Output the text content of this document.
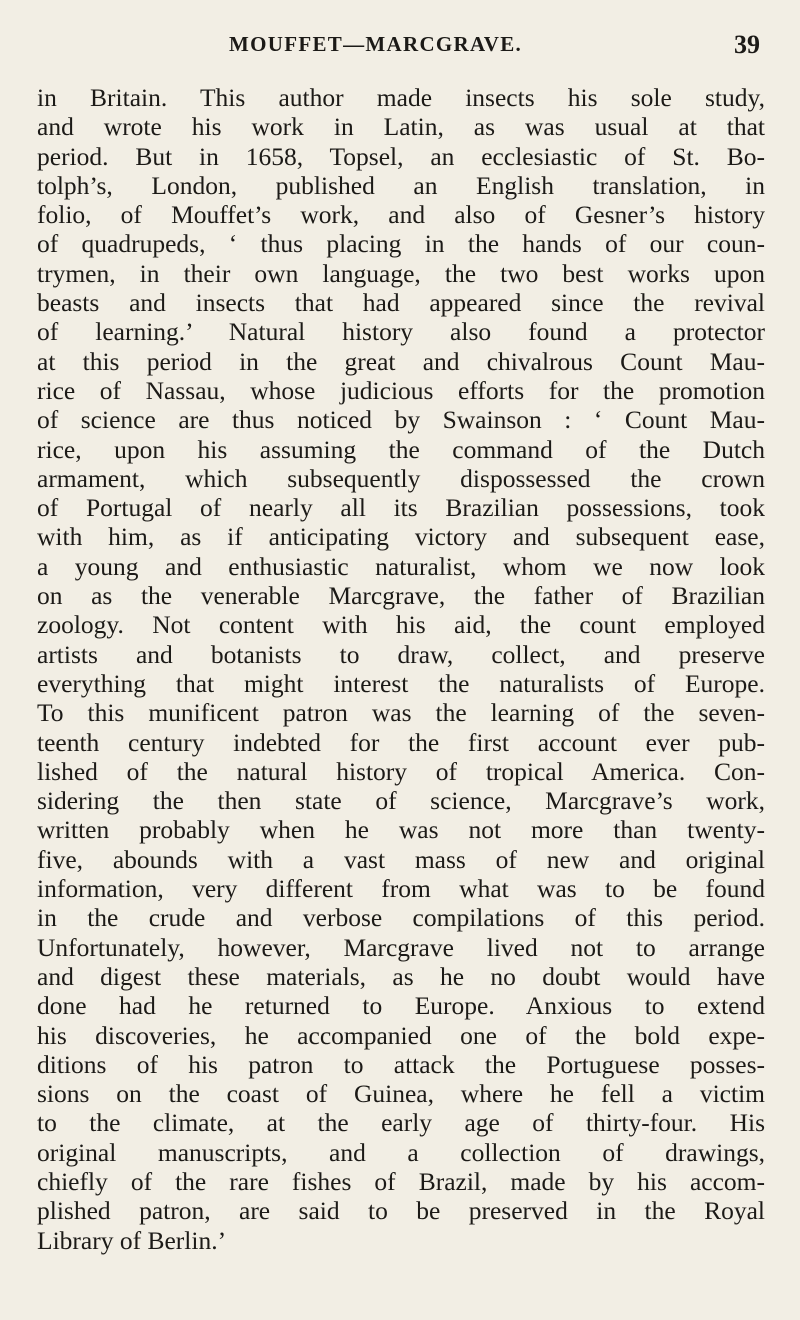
MOUFFET—MARCGRAVE.	39
in Britain. This author made insects his sole study,
and wrote his work in Latin, as was usual at that
period. But in 1658, Topsel, an ecclesiastic of St. Bo-
tolph’s, London, published an English translation, in
folio, of Mouffet’s work, and also of Gesner’s history
of quadrupeds, ‘ thus placing in the hands of our coun-
trymen, in their own language, the two best works upon
beasts and insects that had appeared since the revival
of learning.’ Natural history also found a protector
at this period in the great and chivalrous Count Mau-
rice of Nassau, whose judicious efforts for the promotion
of science are thus noticed by Swainson : ‘ Count Mau-
rice, upon his assuming the command of the Dutch
armament, which subsequently dispossessed the crown
of Portugal of nearly all its Brazilian possessions, took
with him, as if anticipating victory and subsequent ease,
a young and enthusiastic naturalist, whom we now look
on as the venerable Marcgrave, the father of Brazilian
zoology. Not content with his aid, the count employed
artists and botanists to draw, collect, and preserve
everything that might interest the naturalists of Europe.
To this munificent patron was the learning of the seven-
teenth century indebted for the first account ever pub-
lished of the natural history of tropical America. Con-
sidering the then state of science, Marcgrave’s work,
written probably when he was not more than twenty-
five, abounds with a vast mass of new and original
information, very different from what was to be found
in the crude and verbose compilations of this period.
Unfortunately, however, Marcgrave lived not to arrange
and digest these materials, as he no doubt would have
done had he returned to Europe. Anxious to extend
his discoveries, he accompanied one of the bold expe-
ditions of his patron to attack the Portuguese posses-
sions on the coast of Guinea, where he fell a victim
to the climate, at the early age of thirty-four. His
original manuscripts, and a collection of drawings,
chiefly of the rare fishes of Brazil, made by his accom-
plished patron, are said to be preserved in the Royal
Library of Berlin.’
